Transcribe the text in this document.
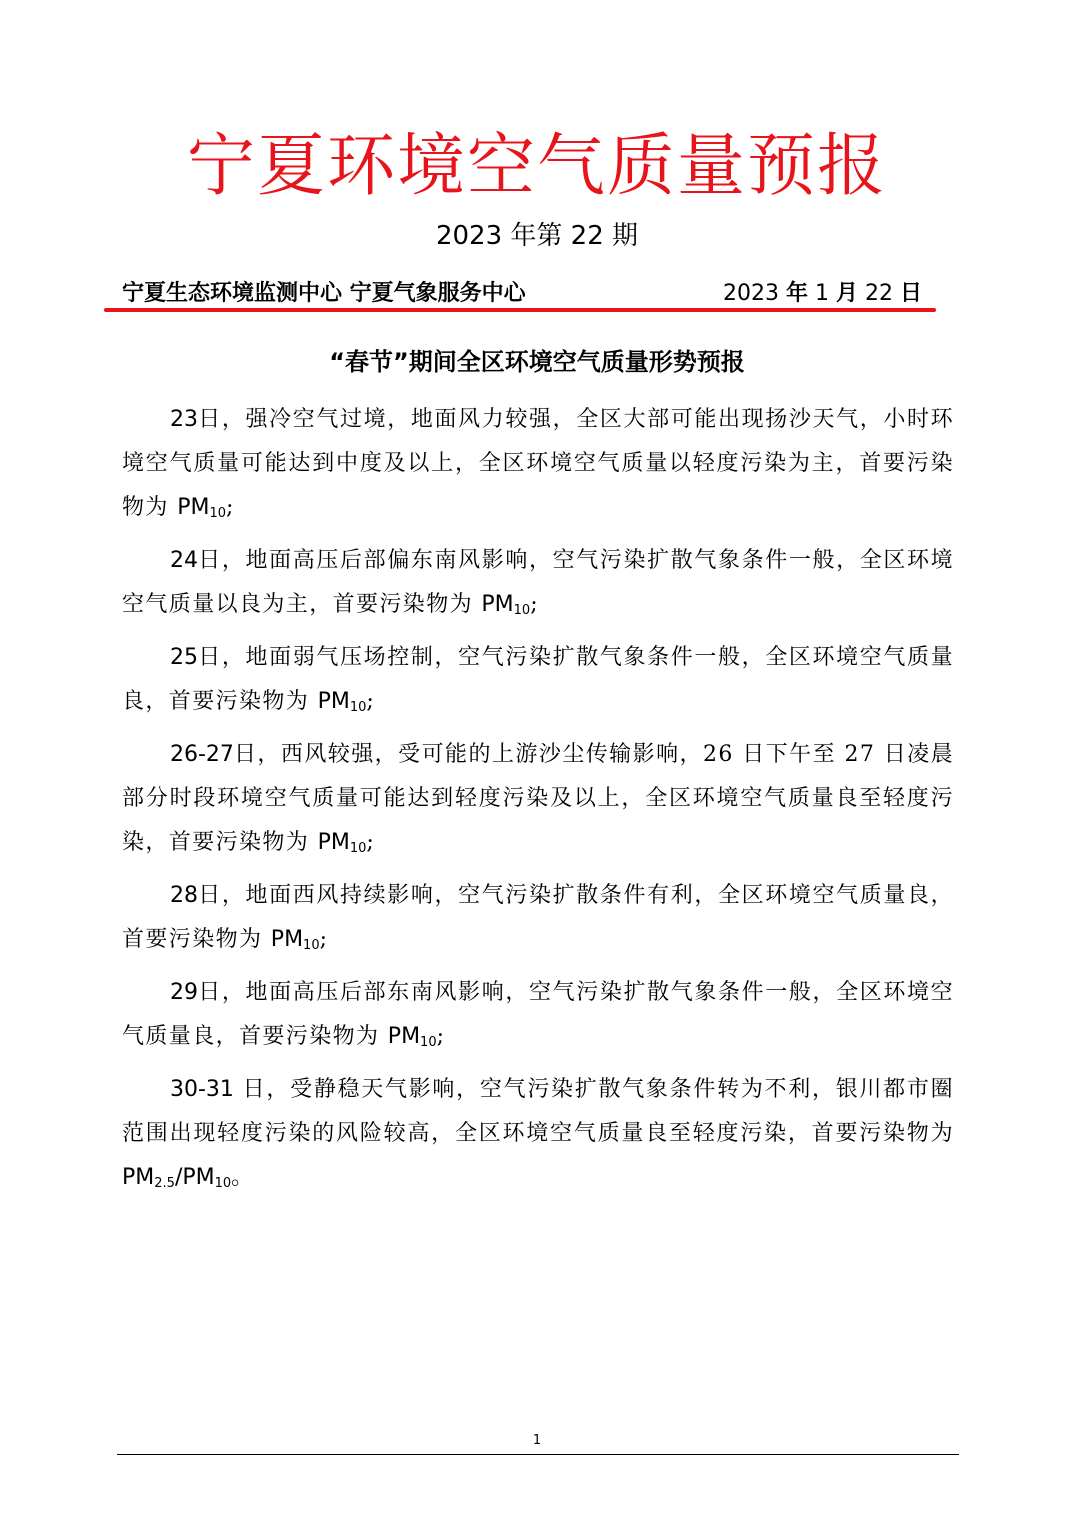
宁夏环境空气质量预报
2023 年第 22 期
宁夏生态环境监测中心 宁夏气象服务中心	2023 年 1 月 22 日
“春节”期间全区环境空气质量形势预报

23日，强冷空气过境，地面风力较强，全区大部可能出现扬沙天气，小时环境空气质量可能达到中度及以上，全区环境空气质量以轻度污染为主，首要污染物为 $PM_{10}$;

24日，地面高压后部偏东南风影响，空气污染扩散气象条件一般，全区环境空气质量以良为主，首要污染物为 $PM_{10}$;

25日，地面弱气压场控制，空气污染扩散气象条件一般，全区环境空气质量良，首要污染物为 $PM_{10}$;

26-27日，西风较强，受可能的上游沙尘传输影响，26 日下午至 27 日凌晨部分时段环境空气质量可能达到轻度污染及以上，全区环境空气质量良至轻度污染，首要污染物为 $PM_{10}$;

28日，地面西风持续影响，空气污染扩散条件有利，全区环境空气质量良，首要污染物为 $PM_{10}$;

29日，地面高压后部东南风影响，空气污染扩散气象条件一般，全区环境空气质量良，首要污染物为 $PM_{10}$;

30-31 日，受静稳天气影响，空气污染扩散气象条件转为不利，银川都市圈范围出现轻度污染的风险较高，全区环境空气质量良至轻度污染，首要污染物为 $PM_{2.5}/PM_{10}$。

1
